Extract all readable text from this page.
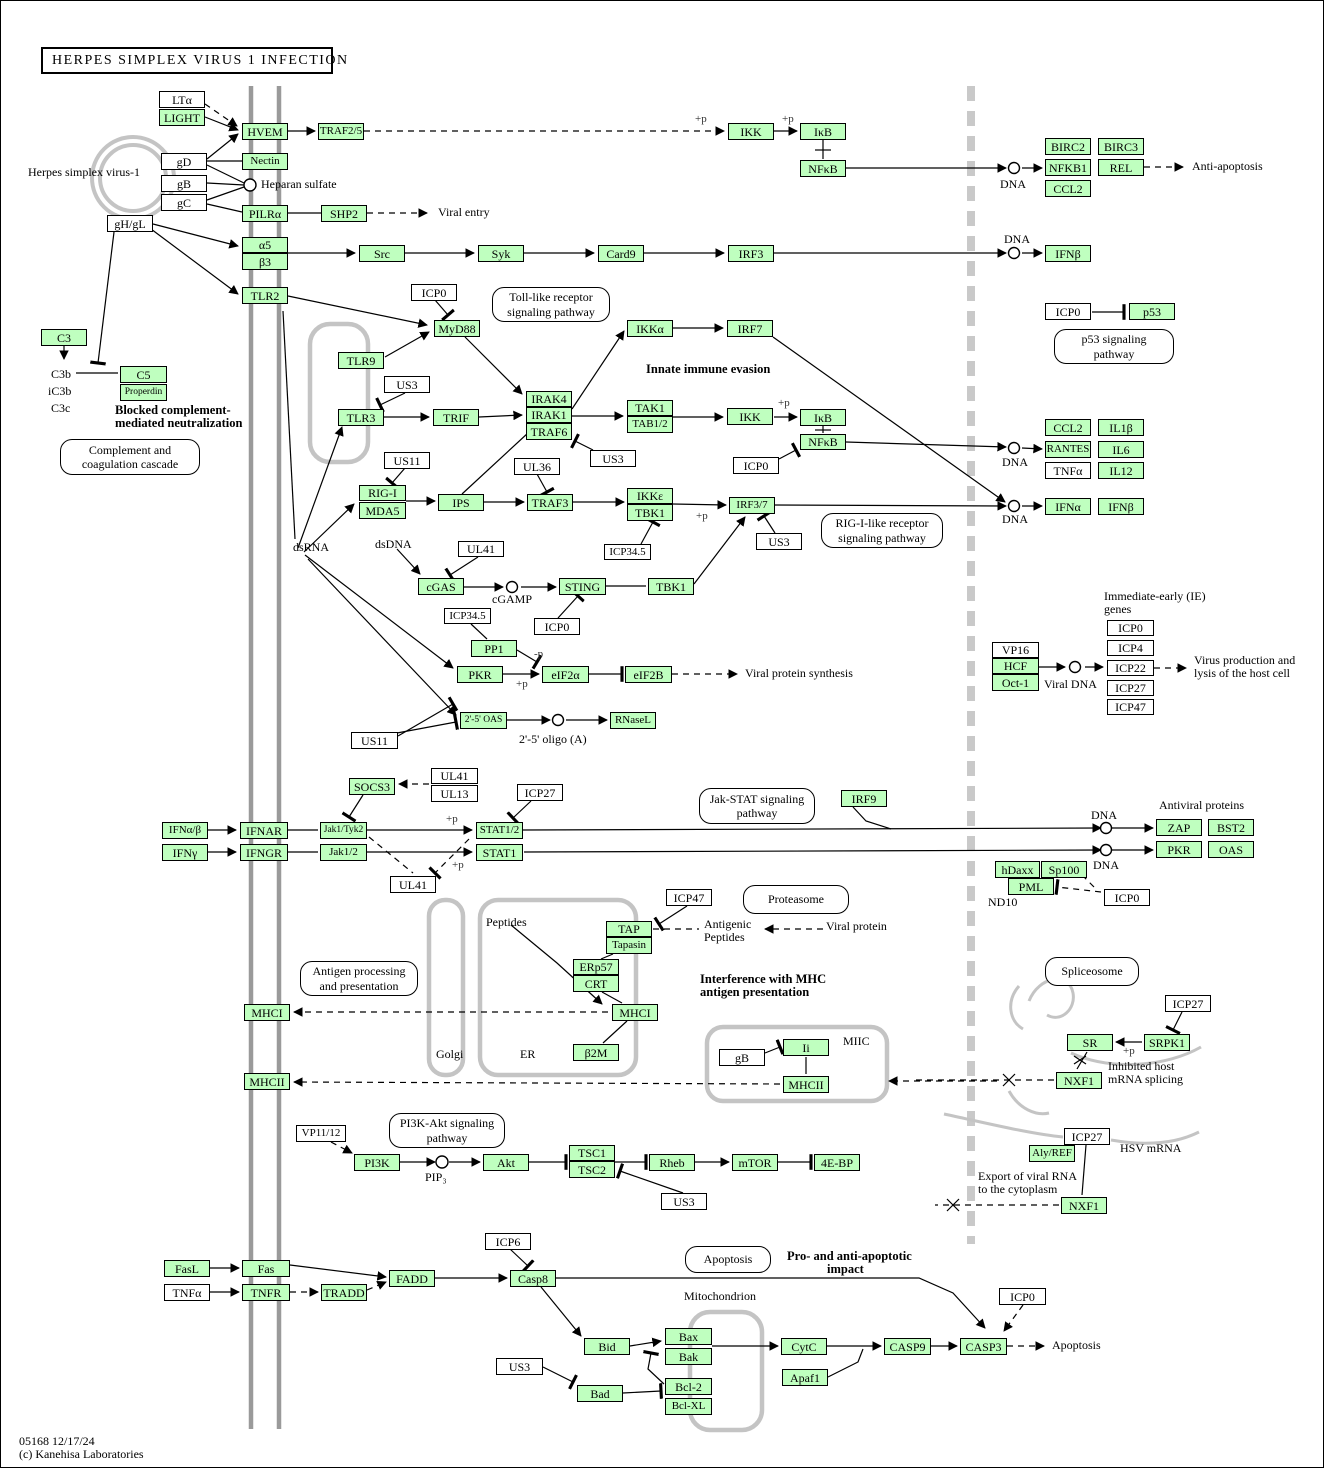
HERPES SIMPLEX VIRUS 1 INFECTION
05168 12/17/24
(c) Kanehisa Laboratories
LTα
LIGHT
HVEM	TRAF2/5
gD	Nectin
gB
gC
gH/gL
PILRα	SHP2
α5
β3
Src	Syk	Card9	IRF3
TLR2
IKK	IκB
NFκB
BIRC2	BIRC3
NFKB1	REL
CCL2
IFNβ
ICP0	p53
C3
C5
Properdin
TLR9
US3
TLR3
ICP0
MyD88
TRIF
IRAK4
IRAK1
TRAF6
TAK1
TAB1/2
IKKα	IRF7
IKK	IκB
NFκB
ICP0
US3
UL36
US11
RIG-I
MDA5
IPS	TRAF3	IKKε
TBK1
ICP34.5
IRF3/7
US3
UL41
cGAS	STING	TBK1
ICP0
ICP34.5
PP1
PKR	eIF2α	eIF2B
2'-5' OAS	RNaseL
US11
CCL2	IL1β
RANTES	IL6
TNFα	IL12
IFNα	IFNβ
VP16
HCF
Oct-1
ICP0
ICP4
ICP22
ICP27
ICP47
SOCS3
UL41
UL13	ICP27
IFNα/β
IFNγ
IFNAR
IFNGR
Jak1/Tyk2
Jak1/2
STAT1/2
STAT1
UL41
IRF9
ZAP	BST2
PKR	OAS
hDaxx	Sp100
PML
ICP0
ICP47
TAP
Tapasin
ERp57
CRT
MHCI
β2M
MHCI
MHCII
gB
Ii
MHCII
ICP27
SR	SRPK1
NXF1
VP11/12
PI3K	Akt
TSC1
TSC2	Rheb	mTOR	4E-BP
US3
ICP27
Aly/REF
NXF1
FasL
TNFα
Fas
TNFR	TRADD
FADD
ICP6
Casp8
US3
Bid
Bad
Bax
Bak
Bcl-2
Bcl-XL
CytC
Apaf1
CASP9	CASP3
ICP0
Herpes simplex virus-1
Heparan sulfate
Viral entry
+p	+p
DNA
Anti-apoptosis
DNA
C3b
iC3b
C3c	Blocked complement-
mediated neutralization
Innate immune evasion
dsRNA	dsDNA
cGAMP
+p
+p
-p
+p
Viral protein synthesis
2'-5' oligo (A)
DNA
DNA
Immediate-early (IE)
genes
Viral DNA
Virus production and
lysis of the host cell
+p
+p
DNA
DNA
Antiviral proteins
ND10
Peptides	Antigenic
Peptides
Viral protein
Golgi	ER
Interference with MHC
antigen presentation
MIIC
Inhibited host
mRNA splicing
+p
PIP₃
HSV mRNA
Export of viral RNA
to the cytoplasm
Mitochondrion
Apoptosis
Pro- and anti-apoptotic
impact
Toll-like receptor
signaling pathway
p53 signaling
pathway
Complement and
coagulation cascade
RIG-I-like receptor
signaling pathway
Jak-STAT signaling
pathway
Proteasome
Antigen processing
and presentation
Spliceosome
PI3K-Akt signaling
pathway
Apoptosis
